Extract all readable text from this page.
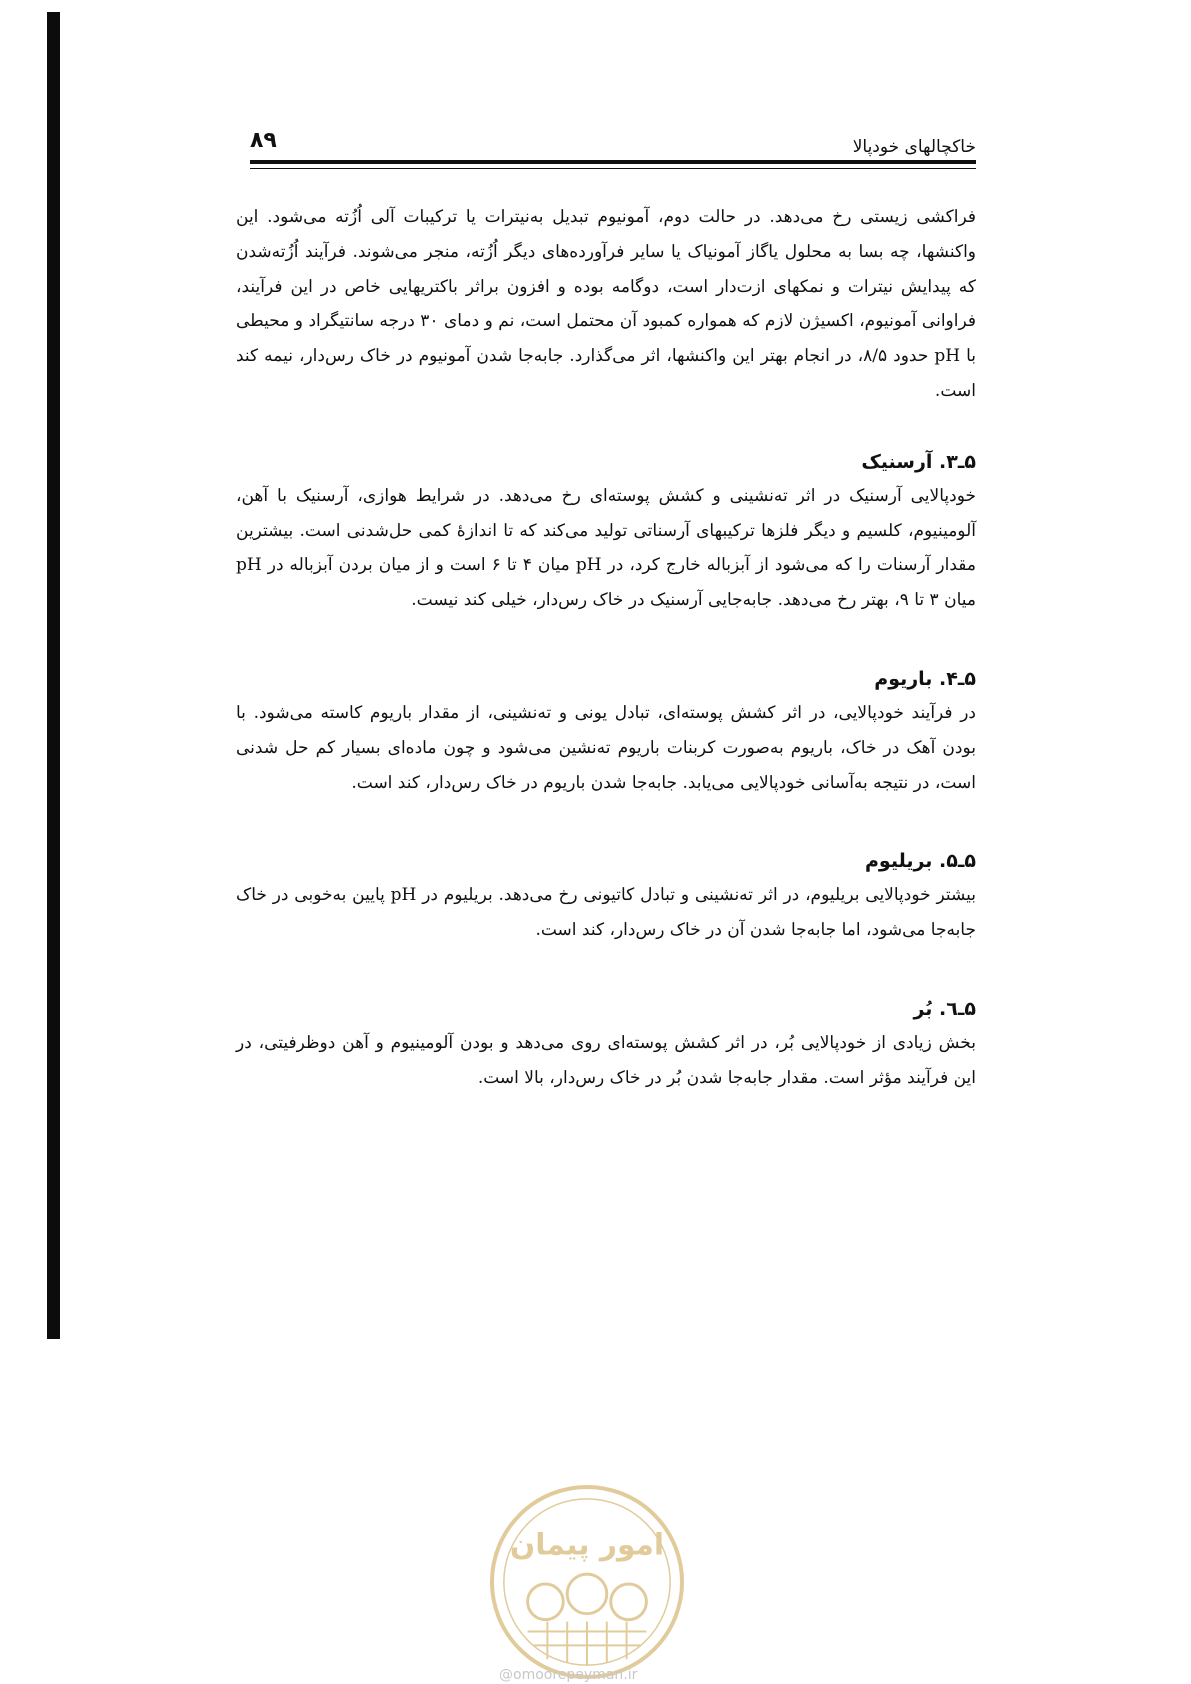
۸۹	خاکچالهای خودپالا

فراکشی زیستی رخ می‌دهد. در حالت دوم، آمونیوم تبدیل به‌نیترات یا ترکیبات آلی اُزُته می‌شود. این واکنشها، چه بسا به محلول یاگاز آمونیاک یا سایر فرآورده‌های دیگر اُزُته، منجر می‌شوند. فرآیند اُزُته‌شدن که پیدایش نیترات و نمکهای ازت‌دار است، دوگامه بوده و افزون براثر باکتریهایی خاص در این فرآیند، فراوانی آمونیوم، اکسیژن لازم که همواره کمبود آن محتمل است، نم و دمای ۳۰ درجه سانتیگراد و محیطی با pH حدود ۸/۵، در انجام بهتر این واکنشها، اثر می‌گذارد. جابه‌جا شدن آمونیوم در خاک رس‌دار، نیمه کند است.

۵ـ۳. آرسنیک

خودپالایی آرسنیک در اثر ته‌نشینی و کشش پوسته‌ای رخ می‌دهد. در شرایط هوازی، آرسنیک با آهن، آلومینیوم، کلسیم و دیگر فلزها ترکیبهای آرسناتی تولید می‌کند که تا اندازهٔ کمی حل‌شدنی است. بیشترین مقدار آرسنات را که می‌شود از آبزباله خارج کرد، در pH میان ۴ تا ۶ است و از میان بردن آبزباله در pH میان ۳ تا ۹، بهتر رخ می‌دهد. جابه‌جایی آرسنیک در خاک رس‌دار، خیلی کند نیست.

۵ـ۴. باریوم

در فرآیند خودپالایی، در اثر کشش پوسته‌ای، تبادل یونی و ته‌نشینی، از مقدار باریوم کاسته می‌شود. با بودن آهک در خاک، باریوم به‌صورت کربنات باریوم ته‌نشین می‌شود و چون ماده‌ای بسیار کم حل شدنی است، در نتیجه به‌آسانی خودپالایی می‌یابد. جابه‌جا شدن باریوم در خاک رس‌دار، کند است.

۵ـ۵. بریلیوم

بیشتر خودپالایی بریلیوم، در اثر ته‌نشینی و تبادل کاتیونی رخ می‌دهد. بریلیوم در pH پایین به‌خوبی در خاک جابه‌جا می‌شود، اما جابه‌جا شدن آن در خاک رس‌دار، کند است.

۵ـ٦. بُر

بخش زیادی از خودپالایی بُر، در اثر کشش پوسته‌ای روی می‌دهد و بودن آلومینیوم و آهن دوظرفیتی، در این فرآیند مؤثر است. مقدار جابه‌جا شدن بُر در خاک رس‌دار، بالا است.

امور پیمان
@omoorepeyman.ir
